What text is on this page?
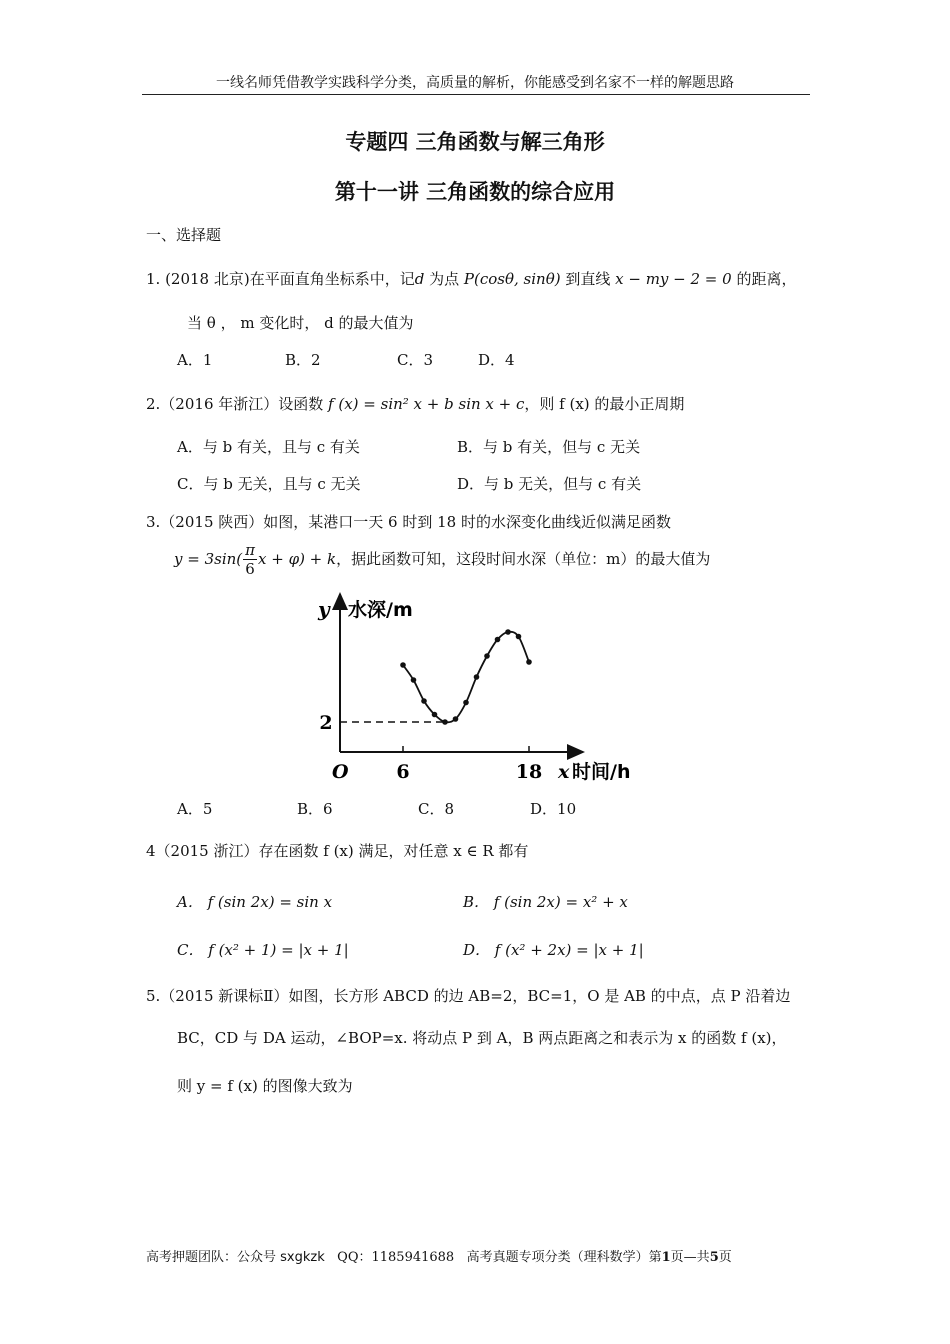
一线名师凭借教学实践科学分类，高质量的解析，你能感受到名家不一样的解题思路
专题四 三角函数与解三角形
第十一讲 三角函数的综合应用
一、选择题
1. (2018 北京)在平面直角坐标系中，记d 为点 P(cosθ, sinθ) 到直线 x − my − 2 = 0 的距离，
当 θ ， m 变化时， d 的最大值为
A．1	B．2	C．3	D．4
2.（2016 年浙江）设函数 f (x) = sin² x + b sin x + c，则 f (x) 的最小正周期
A．与 b 有关，且与 c 有关	B．与 b 有关，但与 c 无关
C．与 b 无关，且与 c 无关	D．与 b 无关，但与 c 有关
3.（2015 陕西）如图，某港口一天 6 时到 18 时的水深变化曲线近似满足函数
$y = 3\sin( \frac{\pi}{6}$ x + φ) + k，据此函数可知，这段时间水深（单位：m）的最大值为
y 水深/m
O	x 时间/h
6	18
2
A．5	B．6	C．8	D．10
4（2015 浙江）存在函数 f (x) 满足，对任意 x ∈ R 都有
A． f (sin 2x) = sin x	B． f (sin 2x) = x² + x
C． f (x² + 1) = |x + 1|	D． f (x² + 2x) = |x + 1|
5.（2015 新课标Ⅱ）如图，长方形 ABCD 的边 AB=2，BC=1，O 是 AB 的中点，点 P 沿着边
BC，CD 与 DA 运动，∠BOP=x. 将动点 P 到 A，B 两点距离之和表示为 x 的函数 f (x)，
则 y = f (x) 的图像大致为
高考押题团队：公众号 sxgkzk QQ：1185941688 高考真题专项分类（理科数学）第1页—共5页
